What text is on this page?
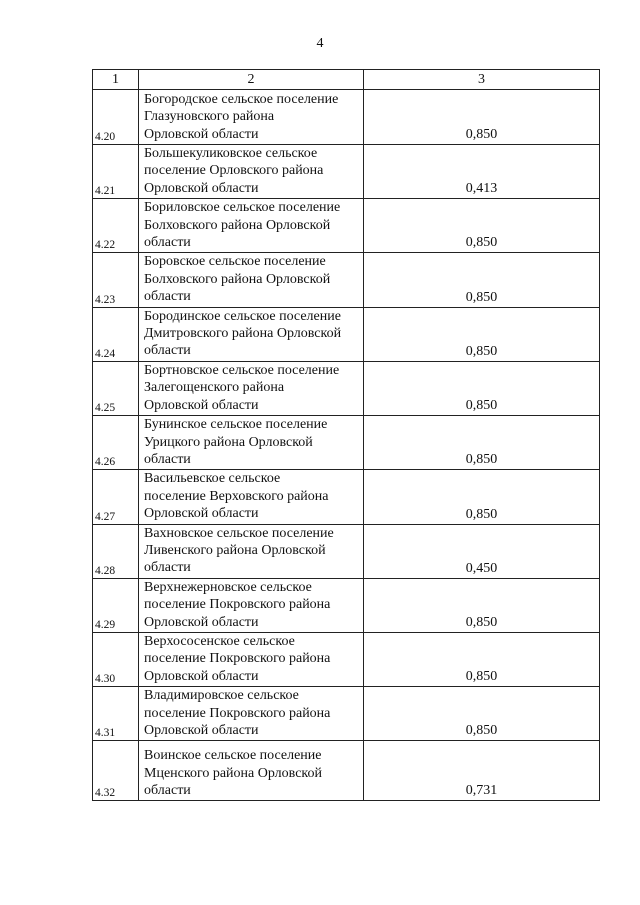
4
1	2	3
4.20	Богородское сельское поселение
Глазуновского района
Орловской области	0,850
4.21	Большекуликовское сельское
поселение Орловского района
Орловской области	0,413
4.22	Бориловское сельское поселение
Болховского района Орловской
области	0,850
4.23	Боровское сельское поселение
Болховского района Орловской
области	0,850
4.24	Бородинское сельское поселение
Дмитровского района Орловской
области	0,850
4.25	Бортновское сельское поселение
Залегощенского района
Орловской области	0,850
4.26	Бунинское сельское поселение
Урицкого района Орловской
области	0,850
4.27	Васильевское сельское
поселение Верховского района
Орловской области	0,850
4.28	Вахновское сельское поселение
Ливенского района Орловской
области	0,450
4.29	Верхнежерновское сельское
поселение Покровского района
Орловской области	0,850
4.30	Верхососенское сельское
поселение Покровского района
Орловской области	0,850
4.31	Владимировское сельское
поселение Покровского района
Орловской области	0,850
4.32	Воинское сельское поселение
Мценского района Орловской
области	0,731
